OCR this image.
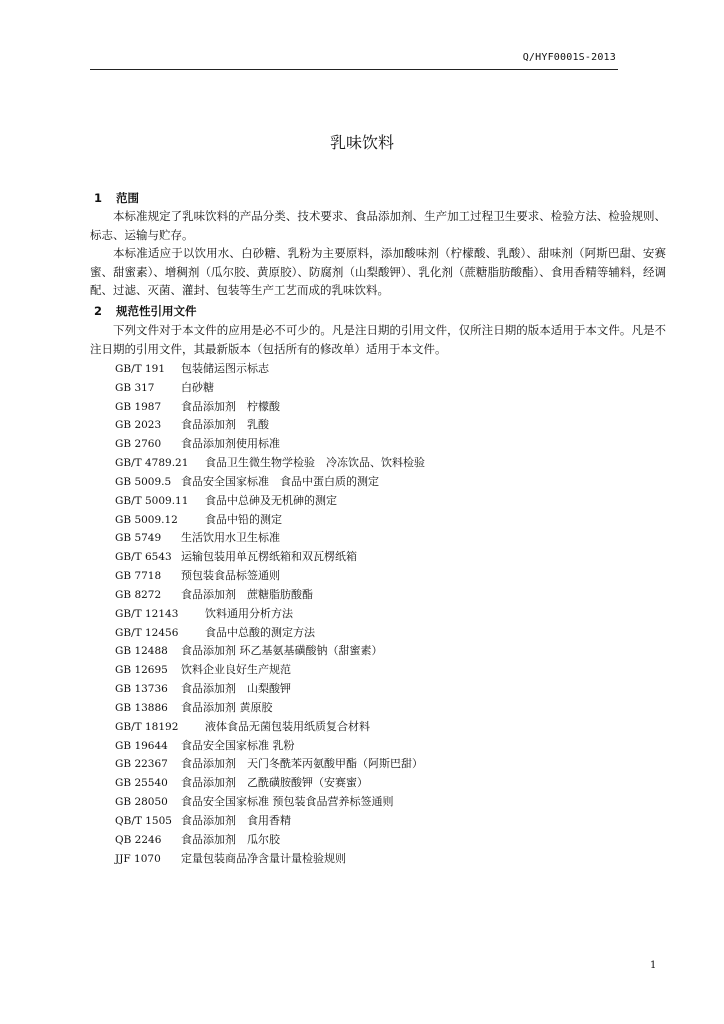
Q/HYF0001S-2013
乳味饮料
1 范围
本标准规定了乳味饮料的产品分类、技术要求、食品添加剂、生产加工过程卫生要求、检验方法、检验规则、标志、运输与贮存。
本标准适应于以饮用水、白砂糖、乳粉为主要原料，添加酸味剂（柠檬酸、乳酸）、甜味剂（阿斯巴甜、安赛蜜、甜蜜素）、增稠剂（瓜尔胶、黄原胶）、防腐剂（山梨酸钾）、乳化剂（蔗糖脂肪酸酯）、食用香精等辅料，经调配、过滤、灭菌、灌封、包装等生产工艺而成的乳味饮料。
2 规范性引用文件
下列文件对于本文件的应用是必不可少的。凡是注日期的引用文件，仅所注日期的版本适用于本文件。凡是不注日期的引用文件，其最新版本（包括所有的修改单）适用于本文件。
GB/T 191 包装储运图示标志
GB 317 白砂糖
GB 1987 食品添加剂　柠檬酸
GB 2023 食品添加剂　乳酸
GB 2760 食品添加剂使用标准
GB/T 4789.21 食品卫生微生物学检验　冷冻饮品、饮料检验
GB 5009.5 食品安全国家标准　食品中蛋白质的测定
GB/T 5009.11 食品中总砷及无机砷的测定
GB 5009.12 食品中铅的测定
GB 5749 生活饮用水卫生标准
GB/T 6543 运输包装用单瓦楞纸箱和双瓦楞纸箱
GB 7718 预包装食品标签通则
GB 8272 食品添加剂　蔗糖脂肪酸酯
GB/T 12143 饮料通用分析方法
GB/T 12456 食品中总酸的测定方法
GB 12488 食品添加剂 环乙基氨基磺酸钠（甜蜜素）
GB 12695 饮料企业良好生产规范
GB 13736 食品添加剂　山梨酸钾
GB 13886 食品添加剂 黄原胶
GB/T 18192 液体食品无菌包装用纸质复合材料
GB 19644 食品安全国家标准 乳粉
GB 22367 食品添加剂　天门冬酰苯丙氨酸甲酯（阿斯巴甜）
GB 25540 食品添加剂　乙酰磺胺酸钾（安赛蜜）
GB 28050 食品安全国家标准 预包装食品营养标签通则
QB/T 1505 食品添加剂　食用香精
QB 2246 食品添加剂　瓜尔胶
JJF 1070 定量包装商品净含量计量检验规则
1
